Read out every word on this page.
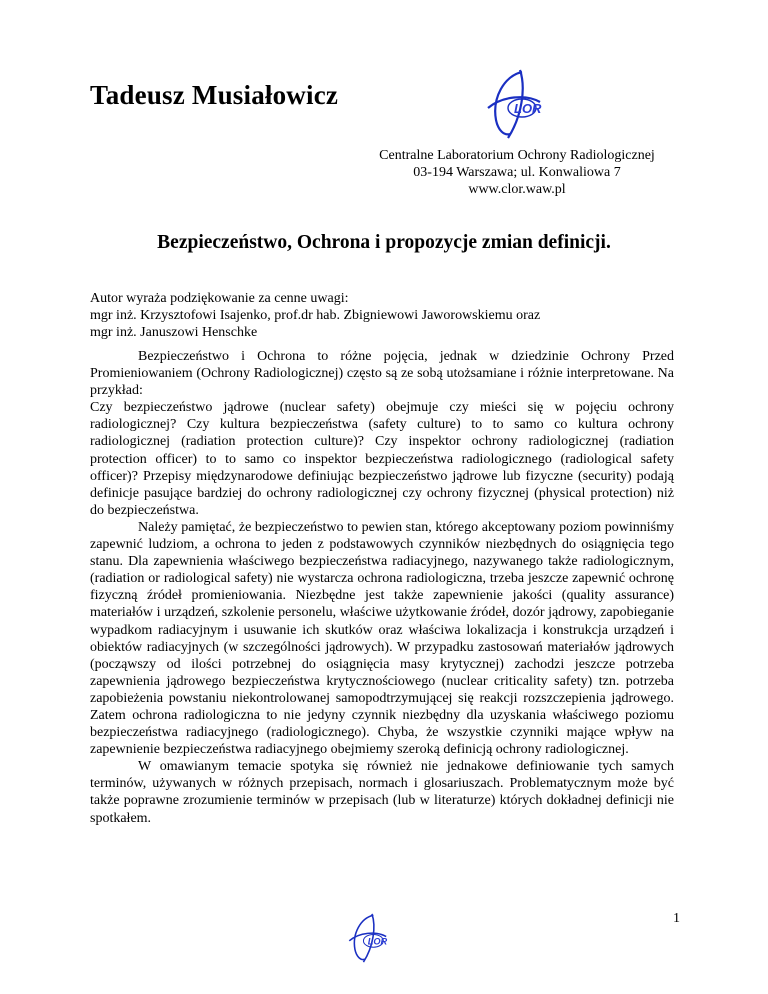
Tadeusz Musiałowicz	LOR
Centralne Laboratorium Ochrony Radiologicznej
03-194 Warszawa; ul. Konwaliowa 7
www.clor.waw.pl
Bezpieczeństwo, Ochrona i propozycje zmian definicji.
Autor wyraża podziękowanie za cenne uwagi:
mgr inż. Krzysztofowi Isajenko, prof.dr hab. Zbigniewowi Jaworowskiemu oraz
mgr inż. Januszowi Henschke

Bezpieczeństwo i Ochrona to różne pojęcia, jednak w dziedzinie Ochrony Przed Promieniowaniem (Ochrony Radiologicznej) często są ze sobą utożsamiane i różnie interpretowane. Na przykład:

Czy bezpieczeństwo jądrowe (nuclear safety) obejmuje czy mieści się w pojęciu ochrony radiologicznej? Czy kultura bezpieczeństwa (safety culture) to to samo co kultura ochrony radiologicznej (radiation protection culture)? Czy inspektor ochrony radiologicznej (radiation protection officer) to to samo co inspektor bezpieczeństwa radiologicznego (radiological safety officer)? Przepisy międzynarodowe definiując bezpieczeństwo jądrowe lub fizyczne (security) podają definicje pasujące bardziej do ochrony radiologicznej czy ochrony fizycznej (physical protection) niż do bezpieczeństwa.

Należy pamiętać, że bezpieczeństwo to pewien stan, którego akceptowany poziom powinniśmy zapewnić ludziom, a ochrona to jeden z podstawowych czynników niezbędnych do osiągnięcia tego stanu. Dla zapewnienia właściwego bezpieczeństwa radiacyjnego, nazywanego także radiologicznym, (radiation or radiological safety) nie wystarcza ochrona radiologiczna, trzeba jeszcze zapewnić ochronę fizyczną źródeł promieniowania. Niezbędne jest także zapewnienie jakości (quality assurance) materiałów i urządzeń, szkolenie personelu, właściwe użytkowanie źródeł, dozór jądrowy, zapobieganie wypadkom radiacyjnym i usuwanie ich skutków oraz właściwa lokalizacja i konstrukcja urządzeń i obiektów radiacyjnych (w szczególności jądrowych). W przypadku zastosowań materiałów jądrowych (począwszy od ilości potrzebnej do osiągnięcia masy krytycznej) zachodzi jeszcze potrzeba zapewnienia jądrowego bezpieczeństwa krytycznościowego (nuclear criticality safety) tzn. potrzeba zapobieżenia powstaniu niekontrolowanej samopodtrzymującej się reakcji rozszczepienia jądrowego. Zatem ochrona radiologiczna to nie jedyny czynnik niezbędny dla uzyskania właściwego poziomu bezpieczeństwa radiacyjnego (radiologicznego). Chyba, że wszystkie czynniki mające wpływ na zapewnienie bezpieczeństwa radiacyjnego obejmiemy szeroką definicją ochrony radiologicznej.

W omawianym temacie spotyka się również nie jednakowe definiowanie tych samych terminów, używanych w różnych przepisach, normach i glosariuszach. Problematycznym może być także poprawne zrozumienie terminów w przepisach (lub w literaturze) których dokładnej definicji nie spotkałem.

1
LOR
